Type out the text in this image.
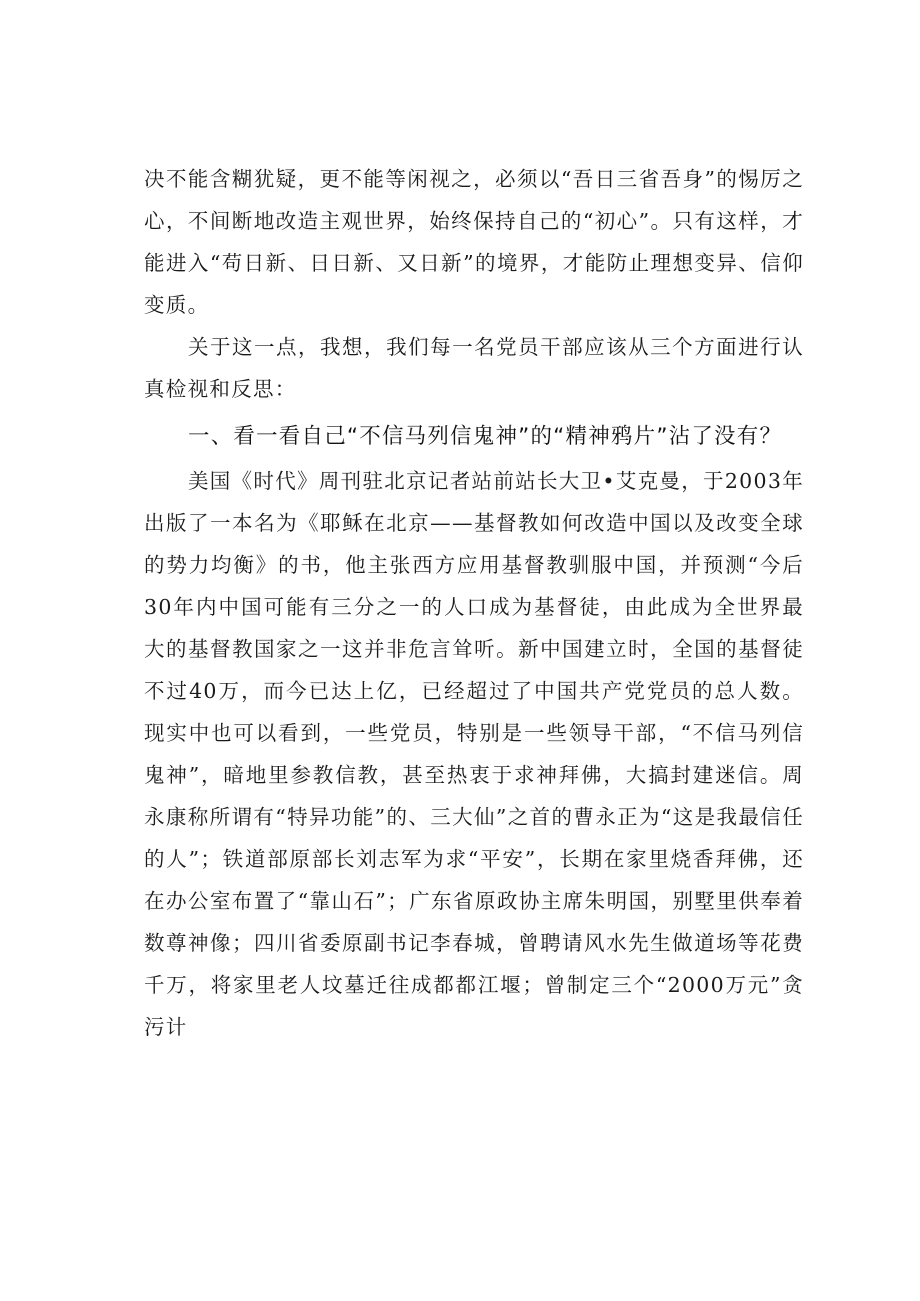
决不能含糊犹疑，更不能等闲视之，必须以“吾日三省吾身”的惕厉之心，不间断地改造主观世界，始终保持自己的“初心”。只有这样，才能进入“苟日新、日日新、又日新”的境界，才能防止理想变异、信仰变质。

关于这一点，我想，我们每一名党员干部应该从三个方面进行认真检视和反思：

一、看一看自己“不信马列信鬼神”的“精神鸦片”沾了没有？

美国《时代》周刊驻北京记者站前站长大卫•艾克曼，于2003年出版了一本名为《耶稣在北京——基督教如何改造中国以及改变全球的势力均衡》的书，他主张西方应用基督教驯服中国，并预测“今后30年内中国可能有三分之一的人口成为基督徒，由此成为全世界最大的基督教国家之一这并非危言耸听。新中国建立时，全国的基督徒不过40万，而今已达上亿，已经超过了中国共产党党员的总人数。现实中也可以看到，一些党员，特别是一些领导干部，“不信马列信鬼神”，暗地里参教信教，甚至热衷于求神拜佛，大搞封建迷信。周永康称所谓有“特异功能”的、三大仙”之首的曹永正为“这是我最信任的人”；铁道部原部长刘志军为求“平安”，长期在家里烧香拜佛，还在办公室布置了“靠山石”；广东省原政协主席朱明国，别墅里供奉着数尊神像；四川省委原副书记李春城，曾聘请风水先生做道场等花费千万，将家里老人坟墓迁往成都都江堰；曾制定三个“2000万元”贪污计
